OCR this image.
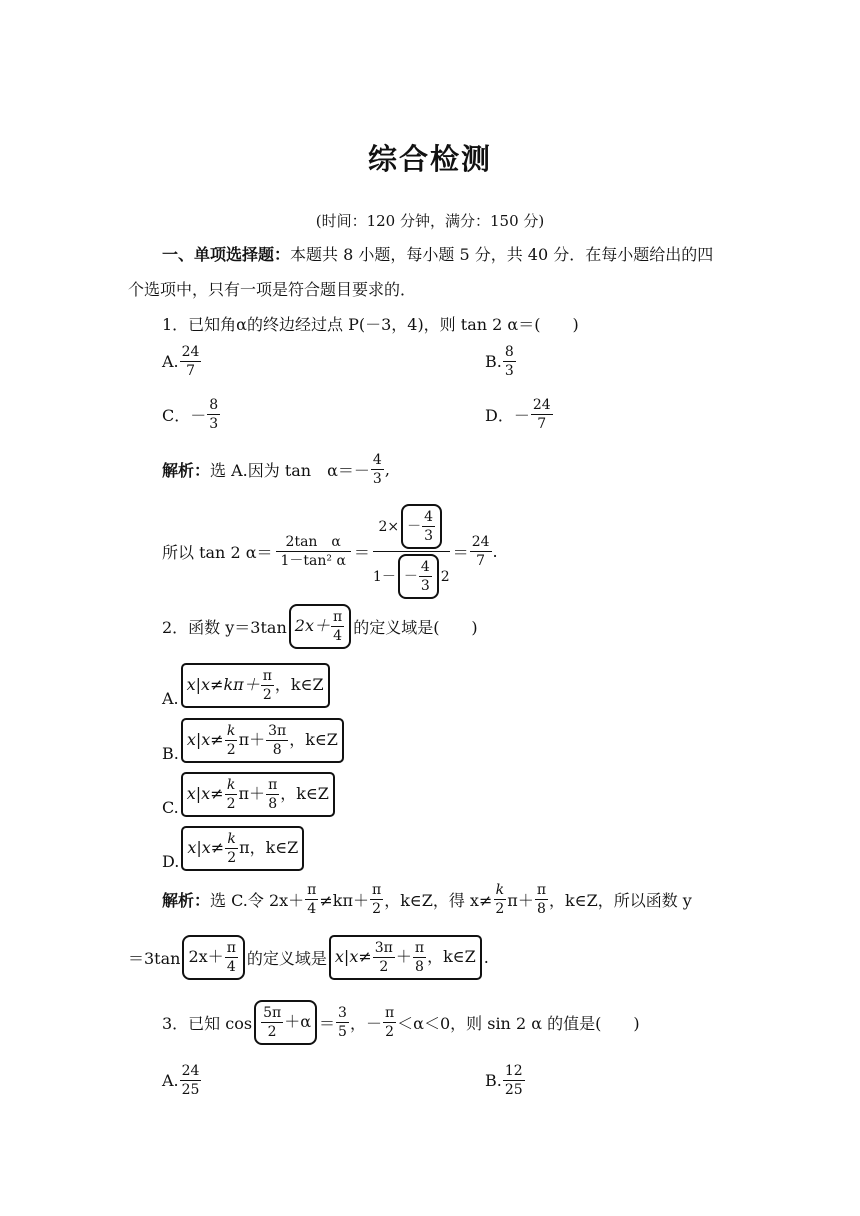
综合检测
(时间：120 分钟，满分：150 分)
一、单项选择题：本题共 8 小题，每小题 5 分，共 40 分．在每小题给出的四
个选项中，只有一项是符合题目要求的．
1．已知角α的终边经过点 P(－3，4)，则 tan 2 α＝(　　)
A. $\frac{24}{7}$	B. $\frac{8}{3}$
C．－ $\frac{8}{3}$	D．－ $\frac{24}{7}$
解析： 选 A.因为 tan　$\alpha=- \frac{4}{3}$ ,
所以 tan 2 $\alpha= \frac{\text{2tan　α}}{\text{1－tan² α}} = \frac{2\times - \frac{4}{3}}{1- - \frac{4}{3} 2} = \frac{24}{7}$ .
2．函数 y＝3tan $2x+ \frac{\pi}{4}$ 的定义域是(　　)
A.
$x|x\ne k\pi+ \frac{\pi}{2}$ ，k∈Z
B.
$x|x\ne \frac{k}{2} \pi+ \frac{3\pi}{8}$ ，k∈Z
C.
$x|x\ne \frac{k}{2} \pi+ \frac{\pi}{8}$ ，k∈Z
D.
$x|x\ne \frac{k}{2}$ π，k∈Z
解析： 选 C.令 $2x+ \frac{\pi}{4} \ne k\pi+ \frac{\pi}{2}$ ，k∈Z，得 $x\ne \frac{k}{2} \pi+ \frac{\pi}{8}$ ，k∈Z，所以函数 y
＝3tan $2x+ \frac{\pi}{4}$ 的定义域是 $x|x\ne \frac{3\pi}{2} + \frac{\pi}{8}$ ，k∈Z .
3．已知 $\cos \frac{5\pi}{2} +\alpha = \frac{3}{5}$ ，－ $\frac{\pi}{2} <\alpha<0$，则 sin 2 α 的值是(　　)
A. $\frac{24}{25}$	B. $\frac{12}{25}$
